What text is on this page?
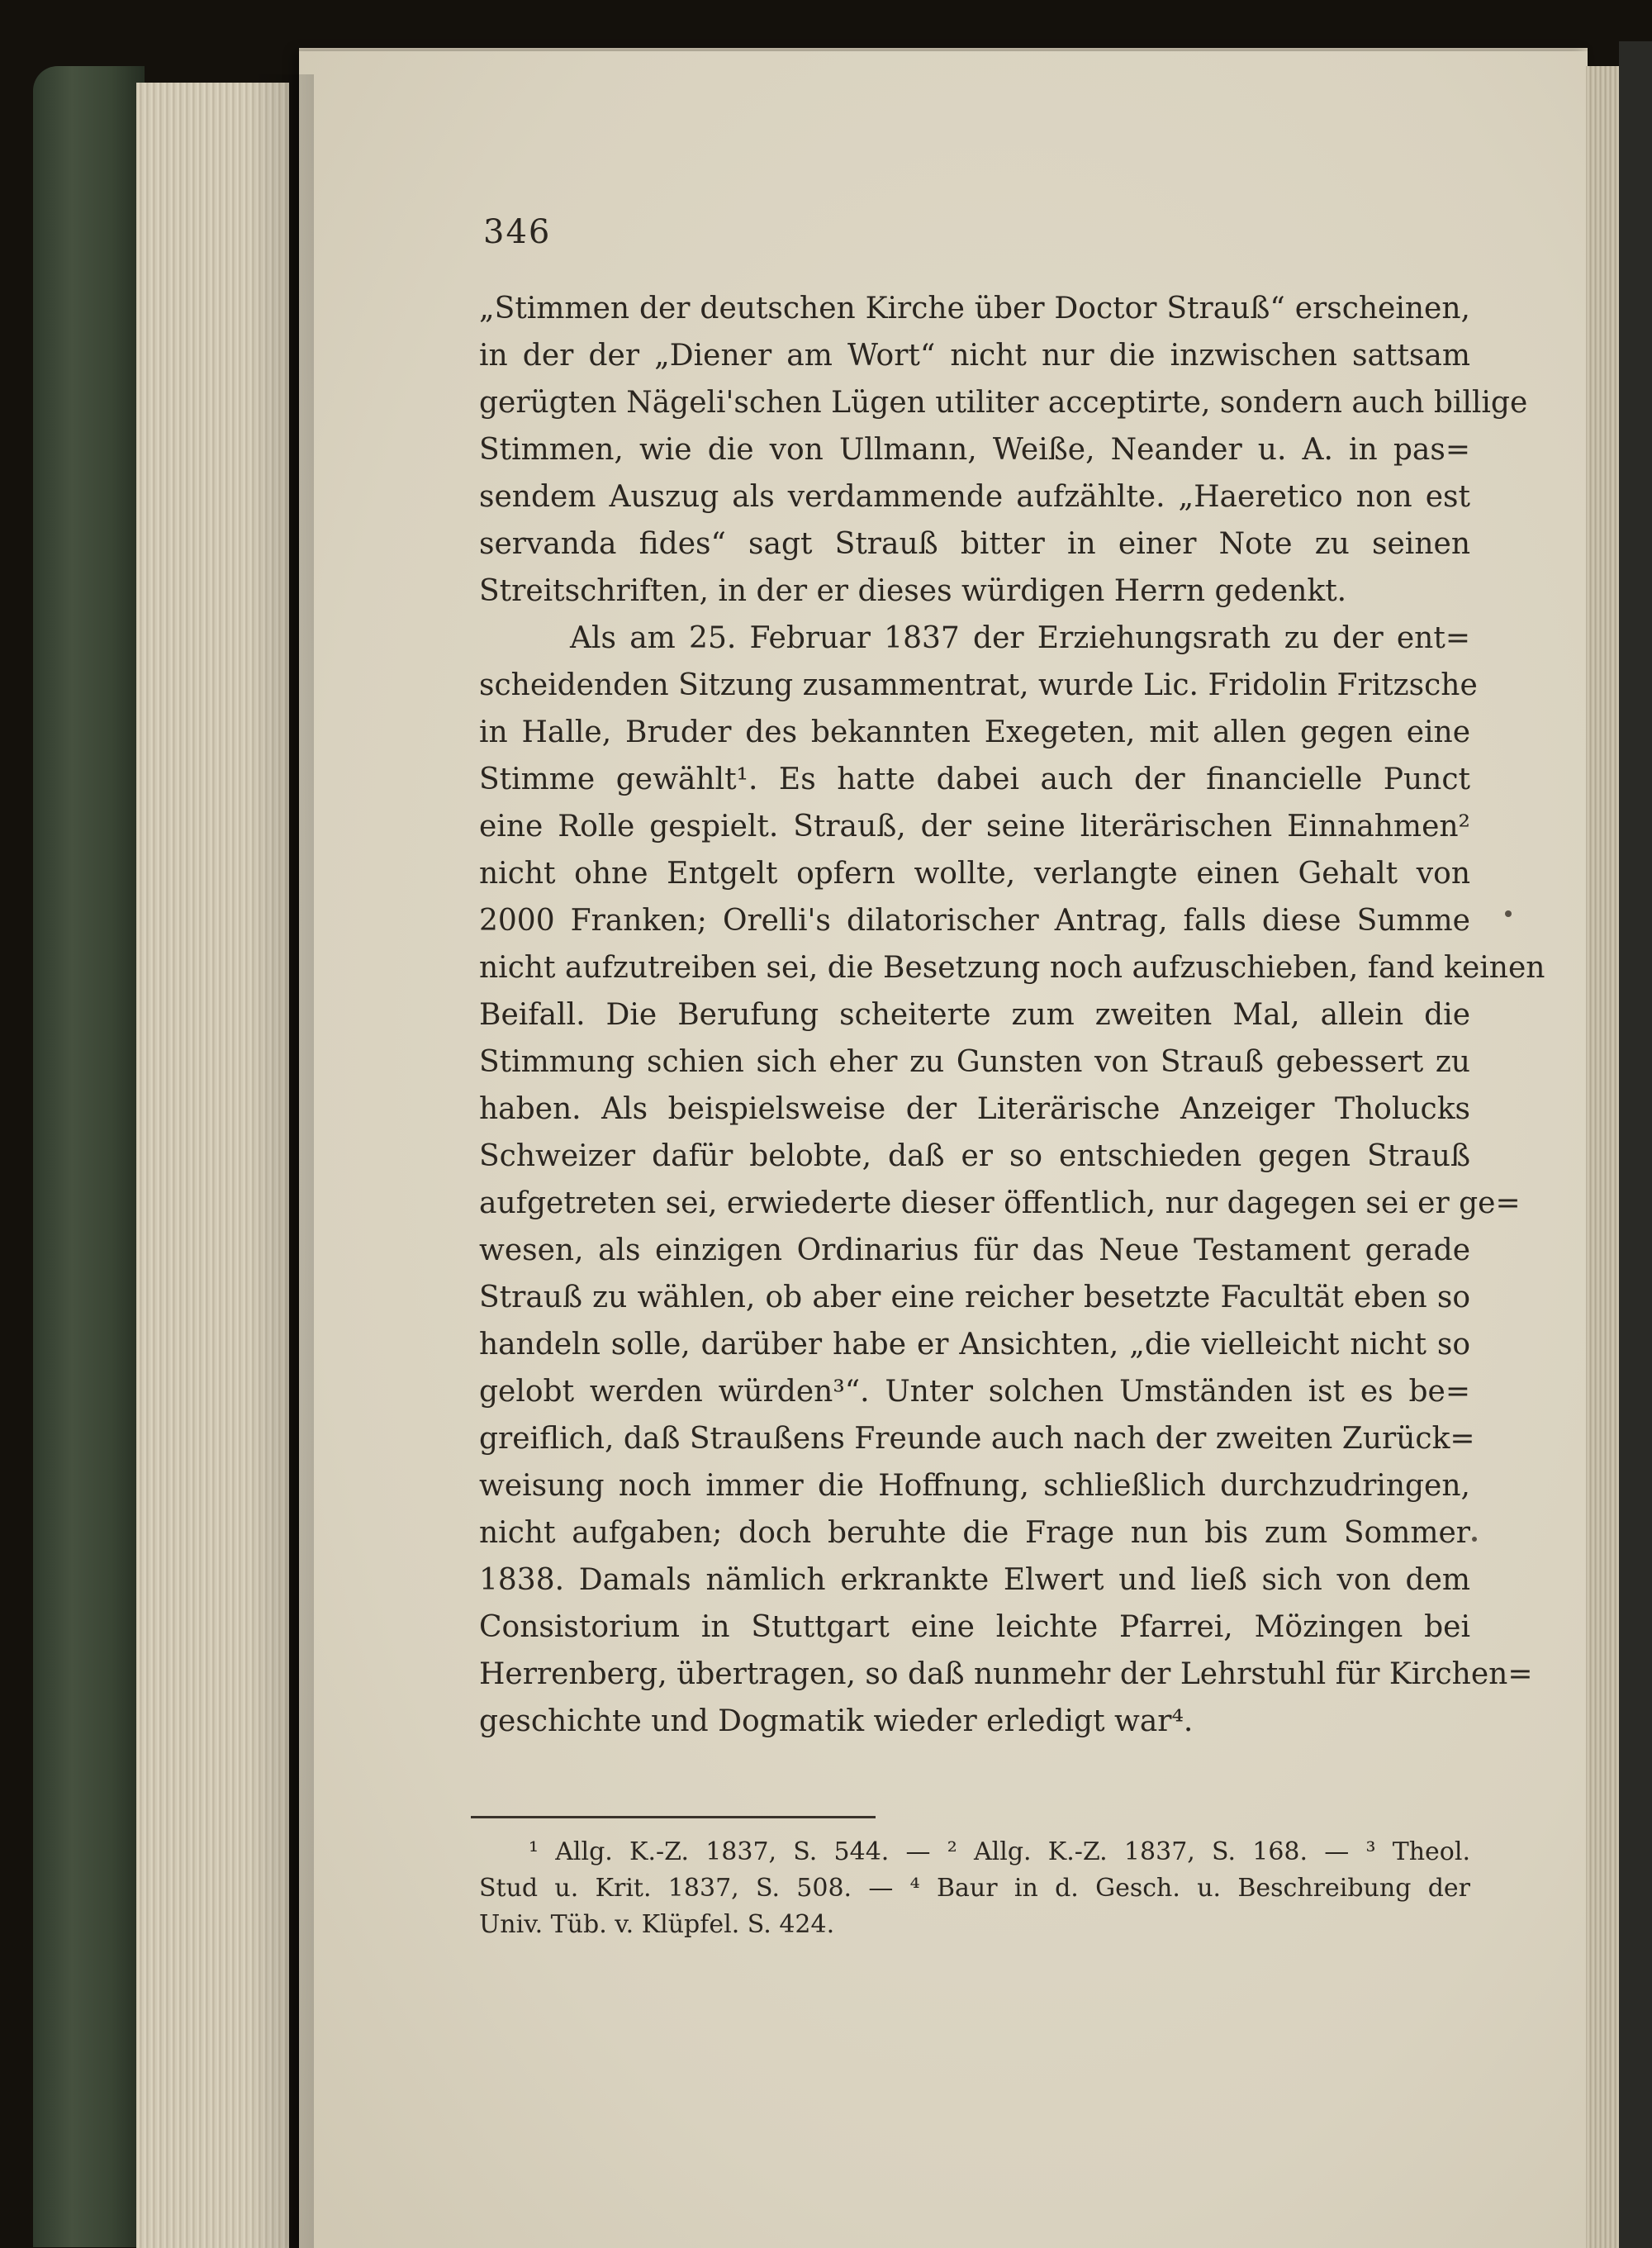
346
„Stimmen der deutschen Kirche über Doctor Strauß“ erscheinen,
in der der „Diener am Wort“ nicht nur die inzwischen sattsam
gerügten Nägeli'schen Lügen utiliter acceptirte, sondern auch billige
Stimmen, wie die von Ullmann, Weiße, Neander u. A. in pas=
sendem Auszug als verdammende aufzählte. „Haeretico non est
servanda fides“ sagt Strauß bitter in einer Note zu seinen
Streitschriften, in der er dieses würdigen Herrn gedenkt.
Als am 25. Februar 1837 der Erziehungsrath zu der ent=
scheidenden Sitzung zusammentrat, wurde Lic. Fridolin Fritzsche
in Halle, Bruder des bekannten Exegeten, mit allen gegen eine
Stimme gewählt¹. Es hatte dabei auch der financielle Punct
eine Rolle gespielt. Strauß, der seine literärischen Einnahmen²
nicht ohne Entgelt opfern wollte, verlangte einen Gehalt von
2000 Franken; Orelli's dilatorischer Antrag, falls diese Summe
nicht aufzutreiben sei, die Besetzung noch aufzuschieben, fand keinen
Beifall. Die Berufung scheiterte zum zweiten Mal, allein die
Stimmung schien sich eher zu Gunsten von Strauß gebessert zu
haben. Als beispielsweise der Literärische Anzeiger Tholucks
Schweizer dafür belobte, daß er so entschieden gegen Strauß
aufgetreten sei, erwiederte dieser öffentlich, nur dagegen sei er ge=
wesen, als einzigen Ordinarius für das Neue Testament gerade
Strauß zu wählen, ob aber eine reicher besetzte Facultät eben so
handeln solle, darüber habe er Ansichten, „die vielleicht nicht so
gelobt werden würden³“. Unter solchen Umständen ist es be=
greiflich, daß Straußens Freunde auch nach der zweiten Zurück=
weisung noch immer die Hoffnung, schließlich durchzudringen,
nicht aufgaben; doch beruhte die Frage nun bis zum Sommer
1838. Damals nämlich erkrankte Elwert und ließ sich von dem
Consistorium in Stuttgart eine leichte Pfarrei, Mözingen bei
Herrenberg, übertragen, so daß nunmehr der Lehrstuhl für Kirchen=
geschichte und Dogmatik wieder erledigt war⁴.
¹ Allg. K.-Z. 1837, S. 544. — ² Allg. K.-Z. 1837, S. 168. — ³ Theol.
Stud u. Krit. 1837, S. 508. — ⁴ Baur in d. Gesch. u. Beschreibung der
Univ. Tüb. v. Klüpfel. S. 424.
